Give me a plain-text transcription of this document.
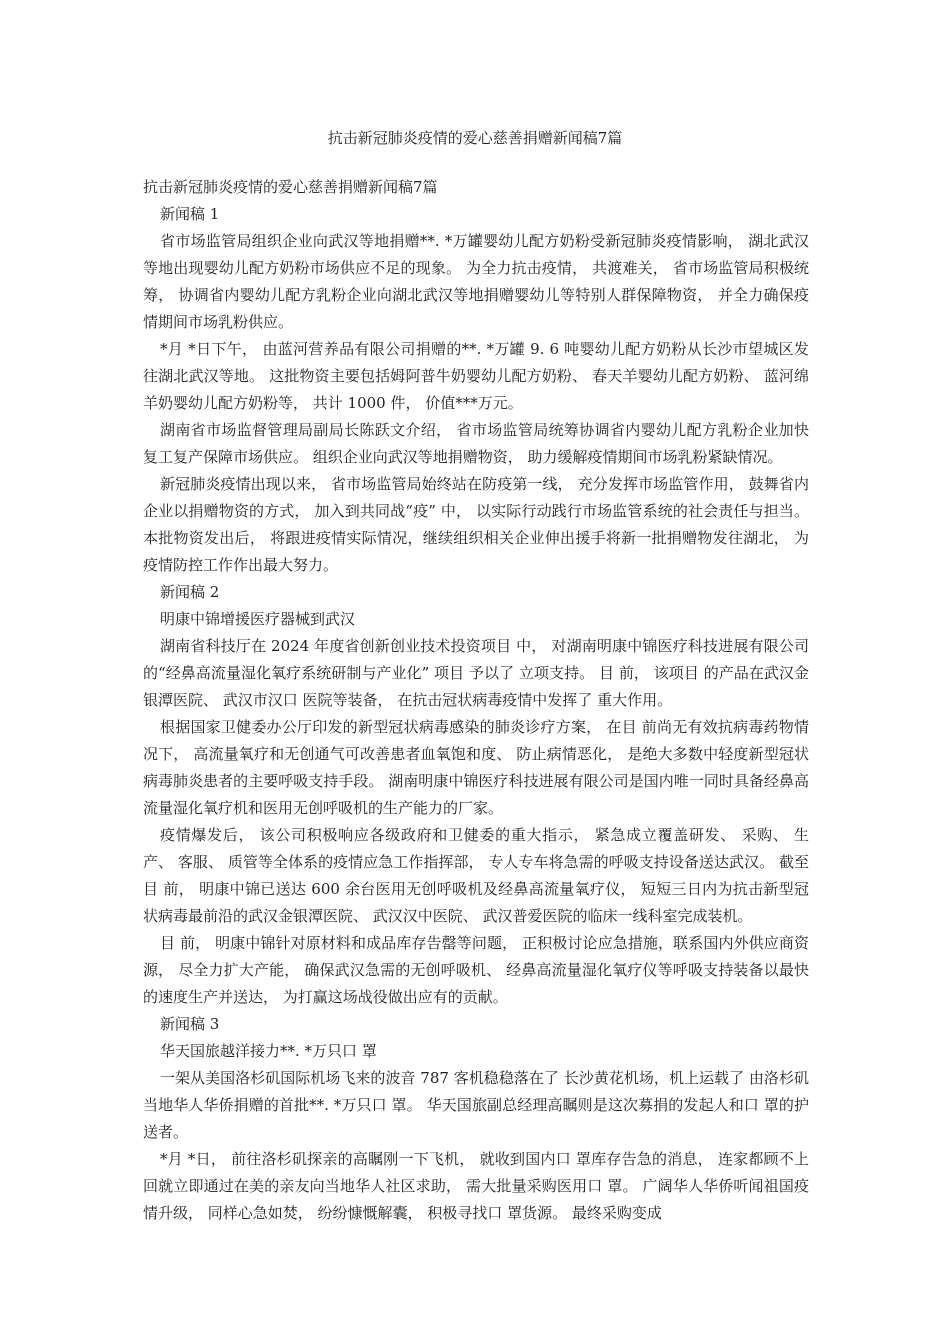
抗击新冠肺炎疫情的爱心慈善捐赠新闻稿7篇

抗击新冠肺炎疫情的爱心慈善捐赠新闻稿7篇

新闻稿 1

省市场监管局组织企业向武汉等地捐赠**. *万罐婴幼儿配方奶粉受新冠肺炎疫情影响， 湖北武汉等地出现婴幼儿配方奶粉市场供应不足的现象。 为全力抗击疫情， 共渡难关， 省市场监管局积极统筹， 协调省内婴幼儿配方乳粉企业向湖北武汉等地捐赠婴幼儿等特别人群保障物资， 并全力确保疫情期间市场乳粉供应。

*月 *日下午， 由蓝河营养品有限公司捐赠的**. *万罐 9. 6 吨婴幼儿配方奶粉从长沙市望城区发往湖北武汉等地。 这批物资主要包括姆阿普牛奶婴幼儿配方奶粉、 春天羊婴幼儿配方奶粉、 蓝河绵羊奶婴幼儿配方奶粉等， 共计 1000 件， 价值***万元。

湖南省市场监督管理局副局长陈跃文介绍， 省市场监管局统筹协调省内婴幼儿配方乳粉企业加快复工复产保障市场供应。 组织企业向武汉等地捐赠物资， 助力缓解疫情期间市场乳粉紧缺情况。

新冠肺炎疫情出现以来， 省市场监管局始终站在防疫第一线， 充分发挥市场监管作用， 鼓舞省内企业以捐赠物资的方式， 加入到共同战“疫” 中， 以实际行动践行市场监管系统的社会责任与担当。 本批物资发出后， 将跟进疫情实际情况，继续组织相关企业伸出援手将新一批捐赠物发往湖北， 为疫情防控工作作出最大努力。

新闻稿 2

明康中锦增援医疗器械到武汉

湖南省科技厅在 2024 年度省创新创业技术投资项目 中， 对湖南明康中锦医疗科技进展有限公司的“经鼻高流量湿化氧疗系统研制与产业化” 项目 予以了 立项支持。 目 前， 该项目 的产品在武汉金银潭医院、 武汉市汉口 医院等装备， 在抗击冠状病毒疫情中发挥了 重大作用。

根据国家卫健委办公厅印发的新型冠状病毒感染的肺炎诊疗方案， 在目 前尚无有效抗病毒药物情况下， 高流量氧疗和无创通气可改善患者血氧饱和度、 防止病情恶化， 是绝大多数中轻度新型冠状病毒肺炎患者的主要呼吸支持手段。 湖南明康中锦医疗科技进展有限公司是国内唯一同时具备经鼻高流量湿化氧疗机和医用无创呼吸机的生产能力的厂家。

疫情爆发后， 该公司积极响应各级政府和卫健委的重大指示， 紧急成立覆盖研发、 采购、 生产、 客服、 质管等全体系的疫情应急工作指挥部， 专人专车将急需的呼吸支持设备送达武汉。 截至目 前， 明康中锦已送达 600 余台医用无创呼吸机及经鼻高流量氧疗仪， 短短三日内为抗击新型冠状病毒最前沿的武汉金银潭医院、 武汉汉中医院、 武汉普爱医院的临床一线科室完成装机。

目 前， 明康中锦针对原材料和成品库存告罄等问题， 正积极讨论应急措施，联系国内外供应商资源， 尽全力扩大产能， 确保武汉急需的无创呼吸机、 经鼻高流量湿化氧疗仪等呼吸支持装备以最快的速度生产并送达， 为打赢这场战役做出应有的贡献。

新闻稿 3

华天国旅越洋接力**. *万只口 罩

一架从美国洛杉矶国际机场飞来的波音 787 客机稳稳落在了 长沙黄花机场，机上运载了 由洛杉矶当地华人华侨捐赠的首批**. *万只口 罩。 华天国旅副总经理高瞩则是这次募捐的发起人和口 罩的护送者。

*月 *日， 前往洛杉矶探亲的高瞩刚一下飞机， 就收到国内口 罩库存告急的消息， 连家都顾不上回就立即通过在美的亲友向当地华人社区求助， 需大批量采购医用口 罩。 广阔华人华侨听闻祖国疫情升级， 同样心急如焚， 纷纷慷慨解囊， 积极寻找口 罩货源。 最终采购变成
